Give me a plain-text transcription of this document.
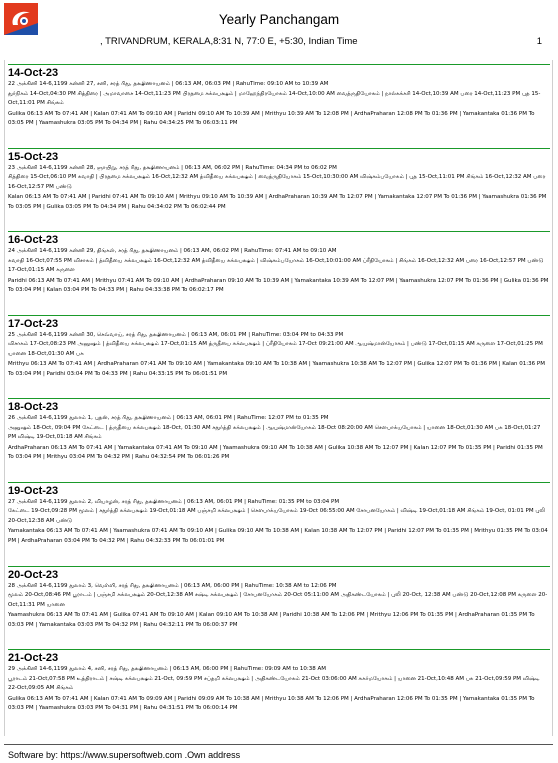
Yearly Panchangam
, TRIVANDRUM, KERALA,8:31 N, 77:0 E, +5:30, Indian Time	1
14-Oct-23
22 அக்கினி 14-6,1199 கன்னி 27, சனி, சரத் ரிது, தக்ஷிணாயனம் | 06:13 AM, 06:03 PM | RahuTime: 09:10 AM to 10:39 AM
துர்நிகம் 14-Oct,04:30 PM சித்திரை | அமாவாசை 14-Oct,11:23 PM பிரதமை சுக்லபக்ஷம் | மாஹேந்திரயோகம் 14-Oct,10:00 AM வைத்ருதியோகம் | நால்கக்கரி 14-Oct,10:39 AM பரை 14-Oct,11:23 PM புத 15-Oct,11:01 PM சிங்கம்
Gulika 06:13 AM To 07:41 AM | Kalan 07:41 AM To 09:10 AM | Paridhi 09:10 AM To 10:39 AM | Mrithyu 10:39 AM To 12:08 PM | ArdhaPraharan 12:08 PM To 01:36 PM | Yamakantaka 01:36 PM To 03:05 PM | Yaamashukra 03:05 PM To 04:34 PM | Rahu 04:34:25 PM To 06:03:11 PM
15-Oct-23
23 அக்கினி 14-6,1199 கன்னி 28, ஞாயிறு, சரத் ரிது, தக்ஷிணாயனம் | 06:13 AM, 06:02 PM | RahuTime: 04:34 PM to 06:02 PM
சித்திரை 15-Oct,06:10 PM சுவாதி | பிரதமை சுக்லபக்ஷம் 16-Oct,12:32 AM த்விதீயை சுக்லபக்ஷம் | வைத்ருதியோகம் 15-Oct,10:30:00 AM விஷ்கம்பயோகம் | புத 15-Oct,11:01 PM சிங்கம் 16-Oct,12:32 AM பரை 16-Oct,12:57 PM பண்டு
Kalan 06:13 AM To 07:41 AM | Paridhi 07:41 AM To 09:10 AM | Mrithyu 09:10 AM To 10:39 AM | ArdhaPraharan 10:39 AM To 12:07 PM | Yamakantaka 12:07 PM To 01:36 PM | Yaamashukra 01:36 PM To 03:05 PM | Gulika 03:05 PM To 04:34 PM | Rahu 04:34:02 PM To 06:02:44 PM
16-Oct-23
24 அக்கினி 14-6,1199 கன்னி 29, திங்கள், சரத் ரிது, தக்ஷிணாயனம் | 06:13 AM, 06:02 PM | RahuTime: 07:41 AM to 09:10 AM
சுவாதி 16-Oct,07:55 PM விசாகம் | த்விதீயை சுக்லபக்ஷம் 16-Oct,12:32 AM த்விதீயை சுக்லபக்ஷம் | விஷ்கம்பயோகம் 16-Oct,10:01:00 AM ப்ரீதியோகம் | சிங்கம் 16-Oct,12:32 AM பரை 16-Oct,12:57 PM பண்டு 17-Oct,01:15 AM கருளை
Paridhi 06:13 AM To 07:41 AM | Mrithyu 07:41 AM To 09:10 AM | ArdhaPraharan 09:10 AM To 10:39 AM | Yamakantaka 10:39 AM To 12:07 PM | Yaamashukra 12:07 PM To 01:36 PM | Gulika 01:36 PM To 03:04 PM | Kalan 03:04 PM To 04:33 PM | Rahu 04:33:38 PM To 06:02:17 PM
17-Oct-23
25 அக்கினி 14-6,1199 கன்னி 30, செவ்வாய், சரத் ரிது, தக்ஷிணாயனம் | 06:13 AM, 06:01 PM | RahuTime: 03:04 PM to 04:33 PM
விசாகம் 17-Oct,08:23 PM அனுஷம் | த்விதீயை சுக்லபக்ஷம் 17-Oct,01:15 AM த்ருதீயை சுக்லபக்ஷம் | ப்ரீதியோகம் 17-Oct 09:21:00 AM ஆயுஷ்மான்யோகம் | பண்டு 17-Oct,01:15 AM கருளை 17-Oct,01:25 PM யானை 18-Oct,01:30 AM பசு
Mrithyu 06:13 AM To 07:41 AM | ArdhaPraharan 07:41 AM To 09:10 AM | Yamakantaka 09:10 AM To 10:38 AM | Yaamashukra 10:38 AM To 12:07 PM | Gulika 12:07 PM To 01:36 PM | Kalan 01:36 PM To 03:04 PM | Paridhi 03:04 PM To 04:33 PM | Rahu 04:33:15 PM To 06:01:51 PM
18-Oct-23
26 அக்கினி 14-6,1199 துலாம் 1, புதன், சரத் ரிது, தக்ஷிணாயனம் | 06:13 AM, 06:01 PM | RahuTime: 12:07 PM to 01:35 PM
அனுஷம் 18-Oct, 09:04 PM கேட்டை | த்ருதீயை சுக்லபக்ஷம் 18-Oct, 01:30 AM சதுர்த்தி சுக்லபக்ஷம் | ஆயுஷ்மான்யோகம் 18-Oct 08:20:00 AM சௌபாக்யயோகம் | யானை 18-Oct,01:30 AM பசு 18-Oct,01:27 PM விஷ்டி 19-Oct,01:18 AM சிங்கம்
ArdhaPraharan 06:13 AM To 07:41 AM | Yamakantaka 07:41 AM To 09:10 AM | Yaamashukra 09:10 AM To 10:38 AM | Gulika 10:38 AM To 12:07 PM | Kalan 12:07 PM To 01:35 PM | Paridhi 01:35 PM To 03:04 PM | Mrithyu 03:04 PM To 04:32 PM | Rahu 04:32:54 PM To 06:01:26 PM
19-Oct-23
27 அக்கினி 14-6,1199 துலாம் 2, வியாழன், சரத் ரிது, தக்ஷிணாயனம் | 06:13 AM, 06:01 PM | RahuTime: 01:35 PM to 03:04 PM
கேட்டை 19-Oct,09:28 PM மூலம் | சதுர்த்தி சுக்லபக்ஷம் 19-Oct,01:18 AM பஞ்சமி சுக்லபக்ஷம் | சௌபாக்யயோகம் 19-Oct 06:55:00 AM சோபனயோகம் | விஷ்டி 19-Oct,01:18 AM சிங்கம் 19-Oct, 01:01 PM புலி 20-Oct,12:38 AM பண்டு
Yamakantaka 06:13 AM To 07:41 AM | Yaamashukra 07:41 AM To 09:10 AM | Gulika 09:10 AM To 10:38 AM | Kalan 10:38 AM To 12:07 PM | Paridhi 12:07 PM To 01:35 PM | Mrithyu 01:35 PM To 03:04 PM | ArdhaPraharan 03:04 PM To 04:32 PM | Rahu 04:32:33 PM To 06:01:01 PM
20-Oct-23
28 அக்கினி 14-6,1199 துலாம் 3, வெள்ளி, சரத் ரிது, தக்ஷிணாயனம் | 06:13 AM, 06:00 PM | RahuTime: 10:38 AM to 12:06 PM
மூலம் 20-Oct,08:46 PM பூராடம் | பஞ்சமி சுக்லபக்ஷம் 20-Oct,12:38 AM சஷ்டி சுக்லபக்ஷம் | சோபனயோகம் 20-Oct 05:11:00 AM அதிகண்டயோகம் | புலி 20-Oct, 12:38 AM பண்டு 20-Oct,12:08 PM கருளை 20-Oct,11:31 PM யானை
Yaamashukra 06:13 AM To 07:41 AM | Gulika 07:41 AM To 09:10 AM | Kalan 09:10 AM To 10:38 AM | Paridhi 10:38 AM To 12:06 PM | Mrithyu 12:06 PM To 01:35 PM | ArdhaPraharan 01:35 PM To 03:03 PM | Yamakantaka 03:03 PM To 04:32 PM | Rahu 04:32:11 PM To 06:00:37 PM
21-Oct-23
29 அக்கினி 14-6,1199 துலாம் 4, சனி, சரத் ரிது, தக்ஷிணாயனம் | 06:13 AM, 06:00 PM | RahuTime: 09:09 AM to 10:38 AM
பூராடம் 21-Oct,07:58 PM உத்திராடம் | சஷ்டி சுக்லபக்ஷம் 21-Oct, 09:59 PM சப்தமி சுக்லபக்ஷம் | அதிகண்டயோகம் 21-Oct 03:06:00 AM சுகர்மயோகம் | யானை 21-Oct,10:48 AM பசு 21-Oct,09:59 PM விஷ்டி 22-Oct,09:05 AM சிங்கம்
Gulika 06:13 AM To 07:41 AM | Kalan 07:41 AM To 09:09 AM | Paridhi 09:09 AM To 10:38 AM | Mrithyu 10:38 AM To 12:06 PM | ArdhaPraharan 12:06 PM To 01:35 PM | Yamakantaka 01:35 PM To 03:03 PM | Yaamashukra 03:03 PM To 04:31 PM | Rahu 04:31:51 PM To 06:00:14 PM
Software by: https://www.supersoftweb.com .Own address
